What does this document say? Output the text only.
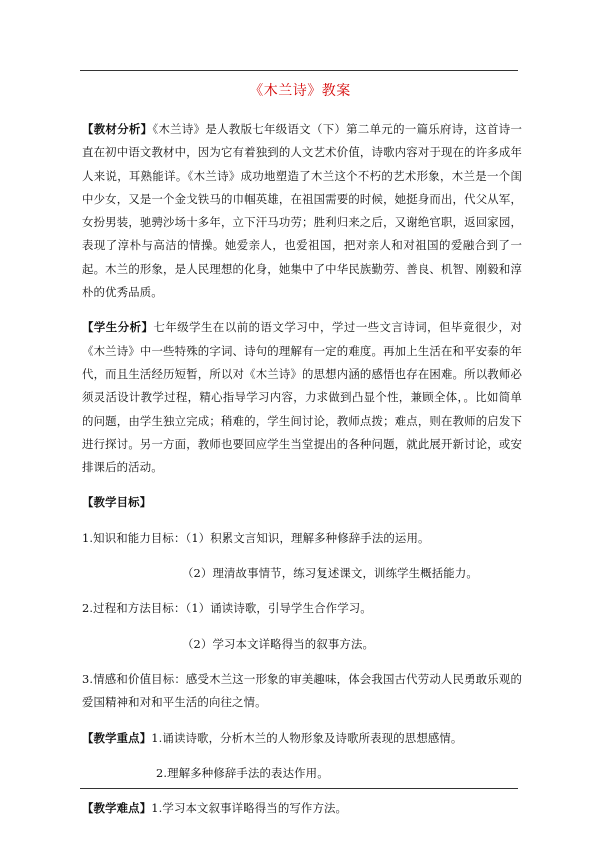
《木兰诗》教案

【教材分析】《木兰诗》是人教版七年级语文（下）第二单元的一篇乐府诗，这首诗一直在初中语文教材中，因为它有着独到的人文艺术价值，诗歌内容对于现在的许多成年人来说，耳熟能详。《木兰诗》成功地塑造了木兰这个不朽的艺术形象，木兰是一个闺中少女，又是一个金戈铁马的巾帼英雄，在祖国需要的时候，她挺身而出，代父从军，女扮男装，驰骋沙场十多年，立下汗马功劳；胜利归来之后，又谢绝官职，返回家园，表现了淳朴与高洁的情操。她爱亲人，也爱祖国，把对亲人和对祖国的爱融合到了一起。木兰的形象，是人民理想的化身，她集中了中华民族勤劳、善良、机智、刚毅和淳朴的优秀品质。

【学生分析】七年级学生在以前的语文学习中，学过一些文言诗词，但毕竟很少，对《木兰诗》中一些特殊的字词、诗句的理解有一定的难度。再加上生活在和平安泰的年代，而且生活经历短暂，所以对《木兰诗》的思想内涵的感悟也存在困难。所以教师必须灵活设计教学过程，精心指导学习内容，力求做到凸显个性，兼顾全体，。比如简单的问题，由学生独立完成；稍难的，学生间讨论，教师点拨；难点，则在教师的启发下进行探讨。另一方面，教师也要回应学生当堂提出的各种问题，就此展开新讨论，或安排课后的活动。

【教学目标】

1.知识和能力目标：（1）积累文言知识，理解多种修辞手法的运用。

（2）理清故事情节，练习复述课文，训练学生概括能力。

2.过程和方法目标：（1）诵读诗歌，引导学生合作学习。

（2）学习本文详略得当的叙事方法。

3.情感和价值目标：感受木兰这一形象的审美趣味，体会我国古代劳动人民勇敢乐观的爱国精神和对和平生活的向往之情。

【教学重点】1.诵读诗歌，分析木兰的人物形象及诗歌所表现的思想感情。

2.理解多种修辞手法的表达作用。

【教学难点】1.学习本文叙事详略得当的写作方法。
